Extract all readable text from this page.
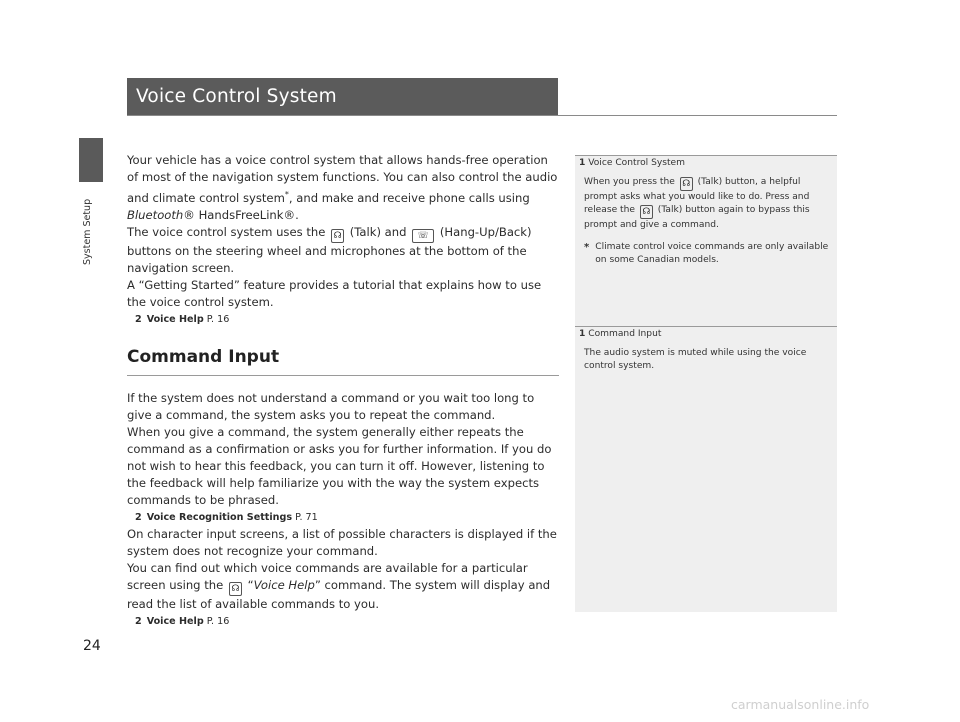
System Setup
Voice Control System

Your vehicle has a voice control system that allows hands-free operation of most of the navigation system functions. You can also control the audio and climate control system*, and make and receive phone calls using Bluetooth® HandsFreeLink®.

The voice control system uses the ☊ (Talk) and ☏ (Hang-Up/Back) buttons on the steering wheel and microphones at the bottom of the navigation screen.

A “Getting Started” feature provides a tutorial that explains how to use the voice control system.

2 Voice Help P. 16

Command Input

If the system does not understand a command or you wait too long to give a command, the system asks you to repeat the command.

When you give a command, the system generally either repeats the command as a confirmation or asks you for further information. If you do not wish to hear this feedback, you can turn it off. However, listening to the feedback will help familiarize you with the way the system expects commands to be phrased.

2 Voice Recognition Settings P. 71

On character input screens, a list of possible characters is displayed if the system does not recognize your command.

You can find out which voice commands are available for a particular screen using the ☊ “Voice Help” command. The system will display and read the list of available commands to you.

2 Voice Help P. 16

1 Voice Control System
When you press the ☊ (Talk) button, a helpful prompt asks what you would like to do. Press and release the ☊ (Talk) button again to bypass this prompt and give a command.
* Climate control voice commands are only available on some Canadian models.
1 Command Input
The audio system is muted while using the voice control system.
24
carmanualsonline.info
